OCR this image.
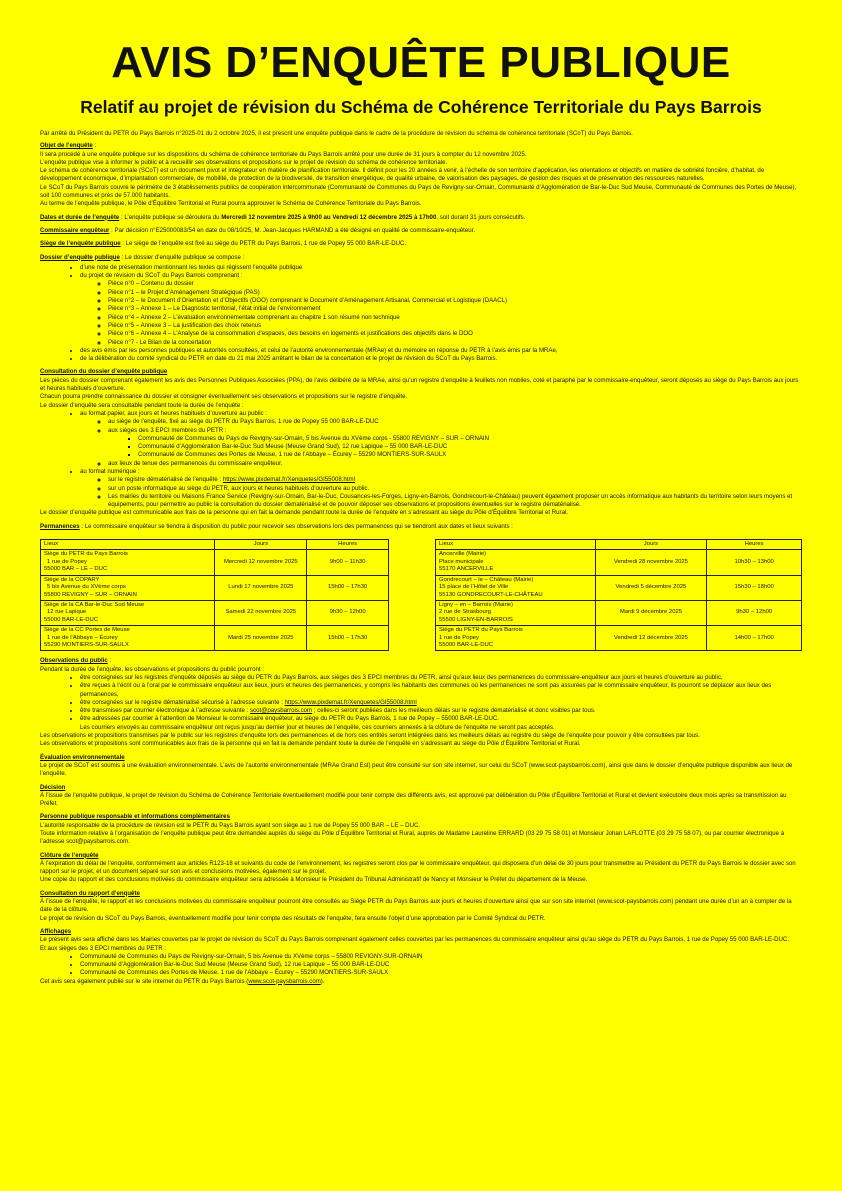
AVIS D’ENQUÊTE PUBLIQUE
Relatif au projet de révision du Schéma de Cohérence Territoriale du Pays Barrois

Par arrêté du Président du PETR du Pays Barrois n°2025-01 du 2 octobre 2025, il est prescrit une enquête publique dans le cadre de la procédure de révision du schéma de cohérence territoriale (SCoT) du Pays Barrois.

Objet de l’enquête :

Il sera procédé à une enquête publique sur les dispositions du schéma de cohérence territoriale du Pays Barrois arrêté pour une durée de 31 jours à compter du 12 novembre 2025.

L’enquête publique vise à informer le public et à recueillir ses observations et propositions sur le projet de révision du schéma de cohérence territoriale.

Le schéma de cohérence territoriale (SCoT) est un document pivot et intégrateur en matière de planification territoriale. Il définit pour les 20 années à venir, à l’échelle de son territoire d’application, les orientations et objectifs en matière de sobriété foncière, d’habitat, de développement économique, d’implantation commerciale, de mobilité, de protection de la biodiversité, de transition énergétique, de qualité urbaine, de valorisation des paysages, de gestion des risques et de préservation des ressources naturelles.

Le SCoT du Pays Barrois couvre le périmètre de 3 établissements publics de coopération intercommunale (Communauté de Communes du Pays de Revigny-sur-Ornain, Communauté d’Agglomération de Bar-le-Duc Sud Meuse, Communauté de Communes des Portes de Meuse), soit 100 communes et près de 57.000 habitants.

Au terme de l’enquête publique, le Pôle d’Équilibre Territorial et Rural pourra approuver le Schéma de Cohérence Territoriale du Pays Barrois.

Dates et durée de l’enquête : L’enquête publique se déroulera du Mercredi 12 novembre 2025 à 9h00 au Vendredi 12 décembre 2025 à 17h00, soit durant 31 jours consécutifs.

Commissaire enquêteur : Par décision n°E25000083/54 en date du 08/10/25, M. Jean-Jacques HARMAND a été désigné en qualité de commissaire-enquêteur.

Siège de l’enquête publique : Le siège de l’enquête est fixé au siège du PETR du Pays Barrois, 1 rue de Popey 55 000 BAR-LE-DUC.

Dossier d’enquête publique : Le dossier d’enquête publique se compose :

• d’une note de présentation mentionnant les textes qui régissent l’enquête publique
• du projet de révision du SCoT du Pays Barrois comprenant :
◦ Pièce n°0 – Contenu du dossier
◦ Pièce n°1 – le Projet d’Aménagement Stratégique (PAS)
◦ Pièce n°2 – le Document d’Orientation et d’Objectifs (DOO) comprenant le Document d’Aménagement Artisanal, Commercial et Logistique (DAACL)
◦ Pièce n°3 – Annexe 1 – Le Diagnostic territorial, l’état initial de l’environnement
◦ Pièce n°4 – Annexe 2 – L’évaluation environnementale comprenant au chapitre 1 son résumé non technique
◦ Pièce n°5 – Annexe 3 – La justification des choix retenus
◦ Pièce n°6 – Annexe 4 – L’Analyse de la consommation d’espaces, des besoins en logements et justifications des objectifs dans le DOO
◦ Pièce n°7 - Le Bilan de la concertation
• des avis émis par les personnes publiques et autorités consultées, et celui de l’autorité environnementale (MRAe) et du mémoire en réponse du PETR à l’avis émis par la MRAe,
• de la délibération du comité syndical du PETR en date du 21 mai 2025 arrêtant le bilan de la concertation et le projet de révision du SCoT du Pays Barrois.

Consultation du dossier d’enquête publique

Les pièces du dossier comprenant également les avis des Personnes Publiques Associées (PPA), de l’avis délibéré de la MRAe, ainsi qu’un registre d’enquête à feuillets non mobiles, coté et paraphé par le commissaire-enquêteur, seront déposés au siège du Pays Barrois aux jours et heures habituels d’ouverture.

Chacun pourra prendre connaissance du dossier et consigner éventuellement ses observations et propositions sur le registre d’enquête.

Le dossier d’enquête sera consultable pendant toute la durée de l’enquête :

• au format papier, aux jours et heures habituels d’ouverture au public :
◦ au siège de l’enquête, fixé au siège du PETR du Pays Barrois, 1 rue de Popey 55 000 BAR-LE-DUC
◦ aux sièges des 3 EPCI membres du PETR :
▪ Communauté de Communes du Pays de Revigny-sur-Ornain, 5 bis Avenue du XVème corps - 55800 REVIGNY – SUR – ORNAIN
▪ Communauté d’Agglomération Bar-le-Duc Sud Meuse (Meuse Grand Sud), 12 rue Lapique – 55 000 BAR-LE-DUC
▪ Communauté de Communes des Portes de Meuse, 1 rue de l’Abbaye – Écurey – 55290 MONTIERS-SUR-SAULX
◦ aux lieux de tenue des permanences du commissaire enquêteur.
• au format numérique :
◦ sur le registre dématérialisé de l’enquête : https://www.pixdemat.fr/Xenquetes/GI55008.html
◦ sur un poste informatique au siège du PETR, aux jours et heures habituels d’ouverture au public.
◦ Les mairies du territoire ou Maisons France Service (Revigny-sur-Ornain, Bar-le-Duc, Cousances-les-Forges, Ligny-en-Barrois, Gondrecourt-le-Château) peuvent également proposer un accès informatique aux habitants du territoire selon leurs moyens et équipements, pour permettre au public la consultation du dossier dématérialisé et de pouvoir déposer ses observations et propositions éventuelles sur le registre dématérialisé.

Le dossier d’enquête publique est communicable aux frais de la personne qui en fait la demande pendant toute la durée de l’enquête en s’adressant au siège du Pôle d’Équilibre Territorial et Rural.

Permanences : Le commissaire enquêteur se tiendra à disposition du public pour recevoir ses observations lors des permanences qui se tiendront aux dates et lieux suivants :

Lieux	Jours	Heures

Siège du PETR du Pays Barrois
1 rue de Popey
55000 BAR – LE – DUC	Mercredi 12 novembre 2025	9h00 – 11h30

Siège de la COPARY
5 bis Avenue du XVème corps
55800 REVIGNY – SUR – ORNAIN	Lundi 17 novembre 2025	15h00 – 17h30

Siège de la CA Bar-le-Duc Sud Meuse
12 rue Lapique
55000 BAR-LE-DUC	Samedi 22 novembre 2025	9h30 – 12h00

Siège de la CC Portes de Meuse
1 rue de l’Abbaye – Écurey
55290 MONTIERS-SUR-SAULX	Mardi 25 novembre 2025	15h00 – 17h30
Lieux	Jours	Heures

Ancerville (Mairie)
Place municipale
55170 ANCERVILLE	Vendredi 28 novembre 2025	10h30 – 13h00

Gondrecourt – le – Château (Mairie)
15 place de l’Hôtel de Ville
55130 GONDRECOURT-LE-CHÂTEAU	Vendredi 5 décembre 2025	15h30 – 18h00

Ligny – en – Barrois (Mairie)
2 rue de Strasbourg
55500 LIGNY-EN-BARROIS	Mardi 9 décembre 2025	9h30 – 12h00

Siège du PETR du Pays Barrois
1 rue de Popey
55000 BAR-LE-DUC	Vendredi 12 décembre 2025	14h00 – 17h00

Observations du public :

Pendant la durée de l’enquête, les observations et propositions du public pourront :

• être consignées sur les registres d’enquête déposés au siège du PETR du Pays Barrois, aux sièges des 3 EPCI membres du PETR, ainsi qu’aux lieux des permanences du commissaire-enquêteur aux jours et heures d’ouverture au public,
• être reçues à l’écrit ou à l’oral par le commissaire enquêteur aux lieux, jours et heures des permanences, y compris les habitants des communes où les permanences ne sont pas assurées par le commissaire enquêteur, ils pourront se déplacer aux lieux des permanences,
• être consignées sur le registre dématérialisé sécurisé à l’adresse suivante : https://www.pixdemat.fr/Xenquetes/GI55008.html
• être transmises par courrier électronique à l’adresse suivante : scot@paysbarrois.com ; celles-ci seront publiées dans les meilleurs délais sur le registre dématérialisé et donc visibles par tous.
• être adressées par courrier à l’attention de Monsieur le commissaire enquêteur, au siège du PETR du Pays Barrois, 1 rue de Popey – 55000 BAR-LE-DUC.
Les courriers envoyés au commissaire enquêteur ont reçus jusqu’au dernier jour et heures de l’enquête, ces courriers annexés à la clôture de l’enquête ne seront pas acceptés.

Les observations et propositions transmises par le public sur les registres d’enquête lors des permanences et de hors ces entités seront intégrées dans les meilleurs délais au registre du siège de l’enquête pour pouvoir y être consultées par tous.

Les observations et propositions sont communicables aux frais de la personne qui en fait la demande pendant toute la durée de l’enquête en s’adressant au siège du Pôle d’Équilibre Territorial et Rural.

Évaluation environnementale

Le projet de SCoT est soumis à une évaluation environnementale. L’avis de l’autorité environnementale (MRAe Grand Est) peut être consulté sur son site internet, sur celui du SCoT (www.scot-paysbarrois.com), ainsi que dans le dossier d’enquête publique disponible aux lieux de l’enquête.

Décision

À l’issue de l’enquête publique, le projet de révision du Schéma de Cohérence Territoriale éventuellement modifié pour tenir compte des différents avis, est approuvé par délibération du Pôle d’Équilibre Territorial et Rural et devient exécutoire deux mois après sa transmission au Préfet.

Personne publique responsable et informations complémentaires

L’autorité responsable de la procédure de révision est le PETR du Pays Barrois ayant son siège au 1 rue de Popey 55 000 BAR – LE – DUC.

Toute information relative à l’organisation de l’enquête publique peut être demandée auprès du siège du Pôle d’Équilibre Territorial et Rural, auprès de Madame Laureline ERRARD (03 29 75 58 01) et Monsieur Johan LAFLOTTE (03 29 75 58 07), ou par courrier électronique à l’adresse scot@paysbarrois.com.

Clôture de l’enquête

À l’expiration du délai de l’enquête, conformément aux articles R123-18 et suivants du code de l’environnement, les registres seront clos par le commissaire enquêteur, qui disposera d’un délai de 30 jours pour transmettre au Président du PETR du Pays Barrois le dossier avec son rapport sur le projet, et un document séparé sur son avis et conclusions motivées, également sur le projet.

Une copie du rapport et des conclusions motivées du commissaire enquêteur sera adressée à Monsieur le Président du Tribunal Administratif de Nancy et Monsieur le Préfet du département de la Meuse.

Consultation du rapport d’enquête

À l’issue de l’enquête, le rapport et les conclusions motivées du commissaire enquêteur pourront être consultés au Siège PETR du Pays Barrois aux jours et heures d’ouverture ainsi que sur son site internet (www.scot-paysbarrois.com) pendant une durée d’un an à compter de la date de la clôture.

Le projet de révision du SCoT du Pays Barrois, éventuellement modifié pour tenir compte des résultats de l’enquête, fera ensuite l’objet d’une approbation par le Comité Syndical du PETR.

Affichages

Le présent avis sera affiché dans les Mairies couvertes par le projet de révision du SCoT du Pays Barrois comprenant également celles couvertes par les permanences du commissaire enquêteur ainsi qu’au siège du PETR du Pays Barrois, 1 rue de Popey 55 000 BAR-LE-DUC.

Et aux sièges des 3 EPCI membres du PETR :

• Communauté de Communes du Pays de Revigny-sur-Ornain, 5 bis Avenue du XVème corps – 55800 REVIGNY-SUR-ORNAIN
• Communauté d’Agglomération Bar-le-Duc Sud Meuse (Meuse Grand Sud), 12 rue Lapique – 55 000 BAR-LE-DUC
• Communauté de Communes des Portes de Meuse, 1 rue de l’Abbaye – Écurey – 55290 MONTIERS-SUR-SAULX

Cet avis sera également publié sur le site internet du PETR du Pays Barrois (www.scot-paysbarrois.com).
